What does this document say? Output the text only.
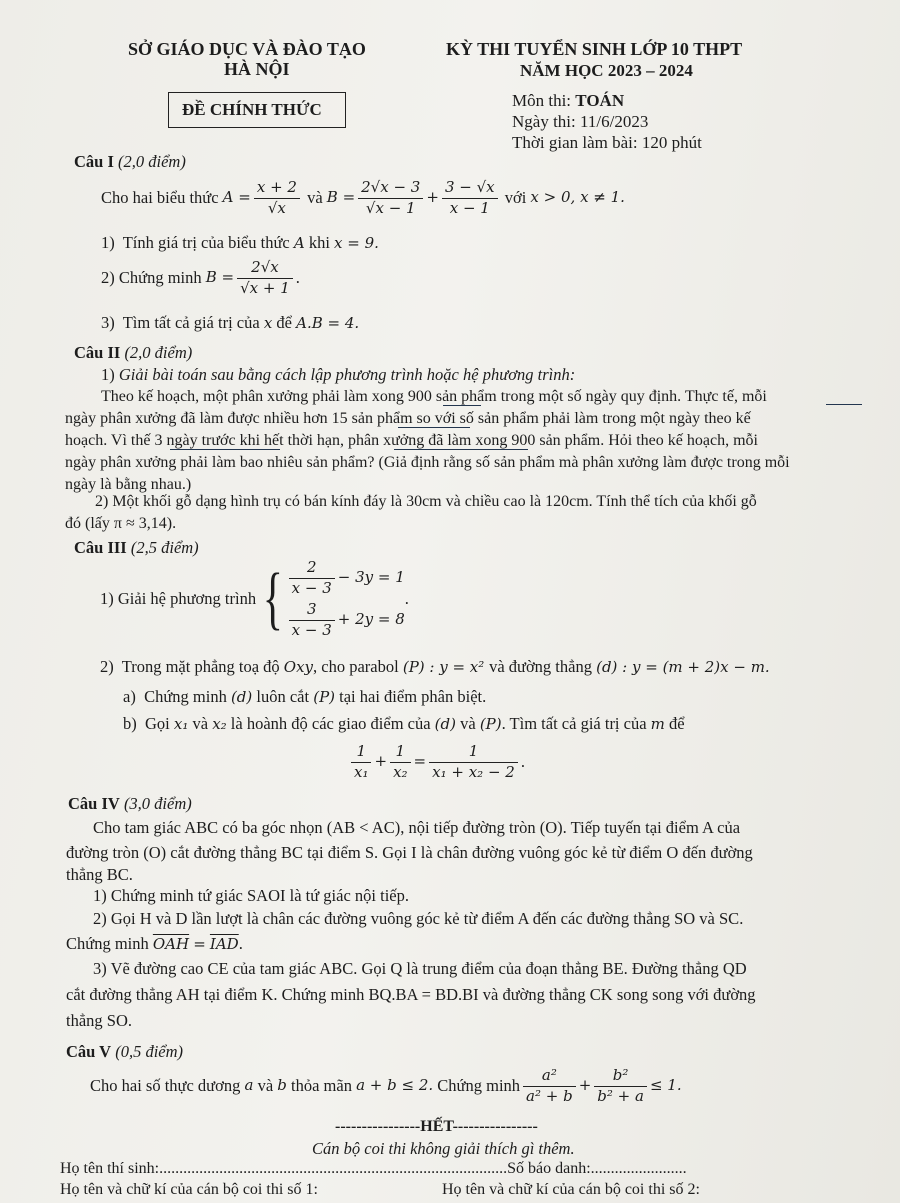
SỞ GIÁO DỤC VÀ ĐÀO TẠO
HÀ NỘI
ĐỀ CHÍNH THỨC
KỲ THI TUYỂN SINH LỚP 10 THPT
NĂM HỌC 2023 – 2024
Môn thi: TOÁN
Ngày thi: 11/6/2023
Thời gian làm bài: 120 phút
Câu I (2,0 điểm)
Cho hai biểu thức
$A = \frac{x + 2}{√x}$
và
$B = \frac{2√x - 3}{√x - 1} + \frac{3 - √x}{x - 1}$
với
x > 0, x ≠ 1.
1) Tính giá trị của biểu thức A khi x = 9.
2)
Chứng minh
$B = \frac{2√x}{√x + 1}$ .
3) Tìm tất cả giá trị của x để A.B = 4.
Câu II (2,0 điểm)
1) Giải bài toán sau bằng cách lập phương trình hoặc hệ phương trình:
Theo kế hoạch, một phân xưởng phải làm xong 900 sản phẩm trong một số ngày quy định. Thực tế, mỗi
ngày phân xưởng đã làm được nhiều hơn 15 sản phẩm so với số sản phẩm phải làm trong một ngày theo kế
hoạch. Vì thế 3 ngày trước khi hết thời hạn, phân xưởng đã làm xong 900 sản phẩm. Hỏi theo kế hoạch, mỗi
ngày phân xưởng phải làm bao nhiêu sản phẩm? (Giả định rằng số sản phẩm mà phân xưởng làm được trong mỗi
ngày là bằng nhau.)
2) Một khối gỗ dạng hình trụ có bán kính đáy là 30cm và chiều cao là 120cm. Tính thể tích của khối gỗ
đó (lấy π ≈ 3,14).
Câu III (2,5 điểm)
1)
Giải hệ phương trình { $\frac{2}{x - 3} - 3y = 1$
$\frac{3}{x - 3} + 2y = 8$
.
2) Trong mặt phẳng toạ độ Oxy, cho parabol (P) : y = x² và đường thẳng (d) : y = (m + 2)x − m.
a) Chứng minh (d) luôn cắt (P) tại hai điểm phân biệt.
b) Gọi x₁ và x₂ là hoành độ các giao điểm của (d) và (P). Tìm tất cả giá trị của m để
$\frac{1}{\text{x₁}} + \frac{1}{\text{x₂}} = \frac{1}{\text{x₁ + x₂ − 2}}$ .
Câu IV (3,0 điểm)
Cho tam giác ABC có ba góc nhọn (AB < AC), nội tiếp đường tròn (O). Tiếp tuyến tại điểm A của
đường tròn (O) cắt đường thẳng BC tại điểm S. Gọi I là chân đường vuông góc kẻ từ điểm O đến đường
thẳng BC.
1) Chứng minh tứ giác SAOI là tứ giác nội tiếp.
2) Gọi H và D lần lượt là chân các đường vuông góc kẻ từ điểm A đến các đường thẳng SO và SC.
Chứng minh $\overline{OAH} = \overline{IAD}$.
3) Vẽ đường cao CE của tam giác ABC. Gọi Q là trung điểm của đoạn thẳng BE. Đường thẳng QD
cắt đường thẳng AH tại điểm K. Chứng minh BQ.BA = BD.BI và đường thẳng CK song song với đường
thẳng SO.
Câu V (0,5 điểm)
Cho hai số thực dương
a
và
b
thỏa mãn
a + b ≤ 2.
Chứng minh $\frac{\text{a²}}{\text{a² + b}} + \frac{\text{b²}}{\text{b² + a}} \le 1$.
----------------HẾT----------------
Cán bộ coi thi không giải thích gì thêm.
Họ tên thí sinh:.......................................................................................Số báo danh:........................
Họ tên và chữ kí của cán bộ coi thi số 1:	Họ tên và chữ kí của cán bộ coi thi số 2:
